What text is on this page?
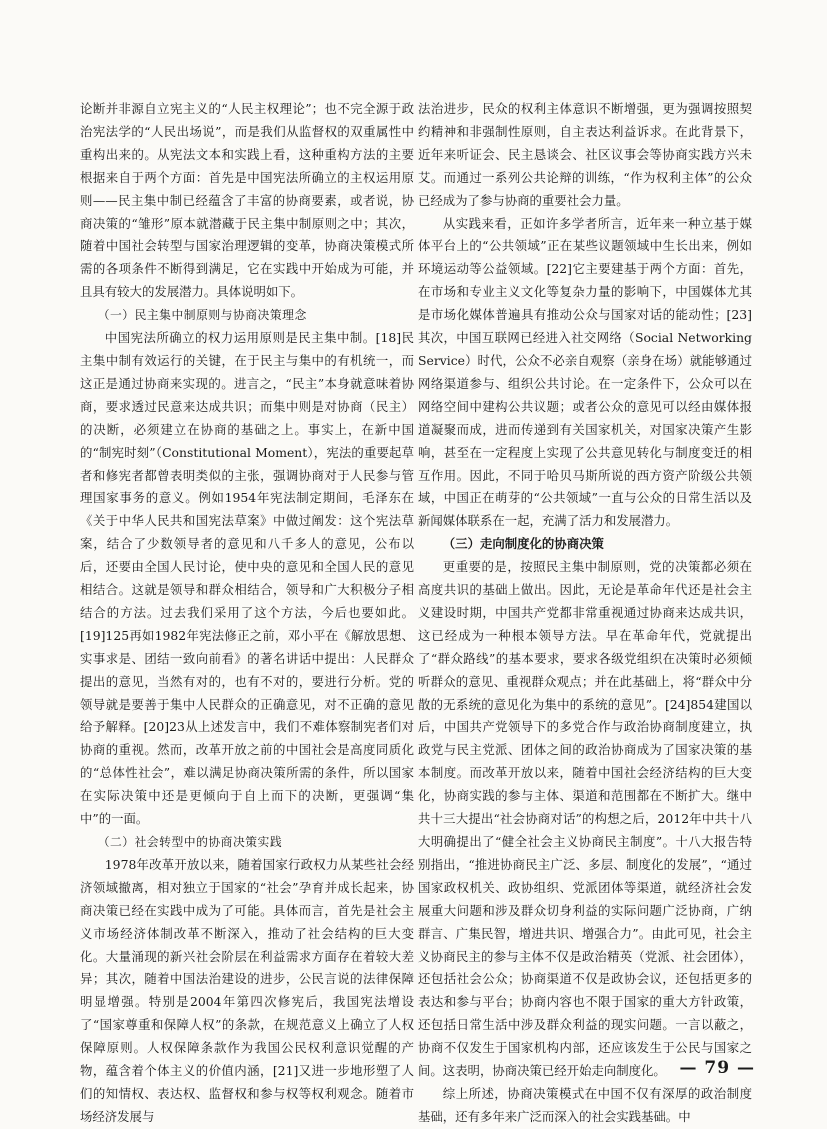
论断并非源自立宪主义的“人民主权理论”；也不完全源于政治宪法学的“人民出场说”，而是我们从监督权的双重属性中重构出来的。从宪法文本和实践上看，这种重构方法的主要根据来自于两个方面：首先是中国宪法所确立的主权运用原则——民主集中制已经蕴含了丰富的协商要素，或者说，协商决策的“雏形”原本就潜藏于民主集中制原则之中；其次，随着中国社会转型与国家治理逻辑的变革，协商决策模式所需的各项条件不断得到满足，它在实践中开始成为可能，并且具有较大的发展潜力。具体说明如下。

（一）民主集中制原则与协商决策理念

中国宪法所确立的权力运用原则是民主集中制。[18]民主集中制有效运行的关键，在于民主与集中的有机统一，而这正是通过协商来实现的。进言之，“民主”本身就意味着协商，要求透过民意来达成共识；而集中则是对协商（民主）的决断，必须建立在协商的基础之上。事实上，在新中国的“制宪时刻”（Constitutional Moment），宪法的重要起草者和修宪者都曾表明类似的主张，强调协商对于人民参与管理国家事务的意义。例如1954年宪法制定期间，毛泽东在《关于中华人民共和国宪法草案》中做过阐发：这个宪法草案，结合了少数领导者的意见和八千多人的意见，公布以后，还要由全国人民讨论，使中央的意见和全国人民的意见相结合。这就是领导和群众相结合，领导和广大积极分子相结合的方法。过去我们采用了这个方法，今后也要如此。[19]125再如1982年宪法修正之前，邓小平在《解放思想、实事求是、团结一致向前看》的著名讲话中提出：人民群众提出的意见，当然有对的，也有不对的，要进行分析。党的领导就是要善于集中人民群众的正确意见，对不正确的意见给予解释。[20]23从上述发言中，我们不难体察制宪者们对协商的重视。然而，改革开放之前的中国社会是高度同质化的“总体性社会”，难以满足协商决策所需的条件，所以国家在实际决策中还是更倾向于自上而下的决断，更强调“集中”的一面。

（二）社会转型中的协商决策实践

1978年改革开放以来，随着国家行政权力从某些社会经济领域撤离，相对独立于国家的“社会”孕育并成长起来，协商决策已经在实践中成为了可能。具体而言，首先是社会主义市场经济体制改革不断深入，推动了社会结构的巨大变化。大量涌现的新兴社会阶层在利益需求方面存在着较大差异；其次，随着中国法治建设的进步，公民言说的法律保障明显增强。特别是2004年第四次修宪后，我国宪法增设了“国家尊重和保障人权”的条款，在规范意义上确立了人权保障原则。人权保障条款作为我国公民权利意识觉醒的产物，蕴含着个体主义的价值内涵，[21]又进一步地形塑了人们的知情权、表达权、监督权和参与权等权利观念。随着市场经济发展与

法治进步，民众的权利主体意识不断增强，更为强调按照契约精神和非强制性原则，自主表达利益诉求。在此背景下，近年来听证会、民主恳谈会、社区议事会等协商实践方兴未艾。而通过一系列公共论辩的训练，“作为权利主体”的公众已经成为了参与协商的重要社会力量。

从实践来看，正如许多学者所言，近年来一种立基于媒体平台上的“公共领域”正在某些议题领域中生长出来，例如环境运动等公益领域。[22]它主要建基于两个方面：首先，在市场和专业主义文化等复杂力量的影响下，中国媒体尤其是市场化媒体普遍具有推动公众与国家对话的能动性；[23]其次，中国互联网已经进入社交网络（Social Networking Service）时代，公众不必亲自观察（亲身在场）就能够通过网络渠道参与、组织公共讨论。在一定条件下，公众可以在网络空间中建构公共议题；或者公众的意见可以经由媒体报道凝聚而成，进而传递到有关国家机关，对国家决策产生影响，甚至在一定程度上实现了公共意见转化与制度变迁的相互作用。因此，不同于哈贝马斯所说的西方资产阶级公共领域，中国正在萌芽的“公共领域”一直与公众的日常生活以及新闻媒体联系在一起，充满了活力和发展潜力。

（三）走向制度化的协商决策

更重要的是，按照民主集中制原则，党的决策都必须在高度共识的基础上做出。因此，无论是革命年代还是社会主义建设时期，中国共产党都非常重视通过协商来达成共识，这已经成为一种根本领导方法。早在革命年代，党就提出了“群众路线”的基本要求，要求各级党组织在决策时必须倾听群众的意见、重视群众观点；并在此基础上，将“群众中分散的无系统的意见化为集中的系统的意见”。[24]854建国以后，中国共产党领导下的多党合作与政治协商制度建立，执政党与民主党派、团体之间的政治协商成为了国家决策的基本制度。而改革开放以来，随着中国社会经济结构的巨大变化，协商实践的参与主体、渠道和范围都在不断扩大。继中共十三大提出“社会协商对话”的构想之后，2012年中共十八大明确提出了“健全社会主义协商民主制度”。十八大报告特别指出，“推进协商民主广泛、多层、制度化的发展”，“通过国家政权机关、政协组织、党派团体等渠道，就经济社会发展重大问题和涉及群众切身利益的实际问题广泛协商，广纳群言、广集民智，增进共识、增强合力”。由此可见，社会主义协商民主的参与主体不仅是政治精英（党派、社会团体），还包括社会公众；协商渠道不仅是政协会议，还包括更多的表达和参与平台；协商内容也不限于国家的重大方针政策，还包括日常生活中涉及群众利益的现实问题。一言以蔽之，协商不仅发生于国家机构内部，还应该发生于公民与国家之间。这表明，协商决策已经开始走向制度化。

综上所述，协商决策模式在中国不仅有深厚的政治制度基础，还有多年来广泛而深入的社会实践基础。中

— 79 —
